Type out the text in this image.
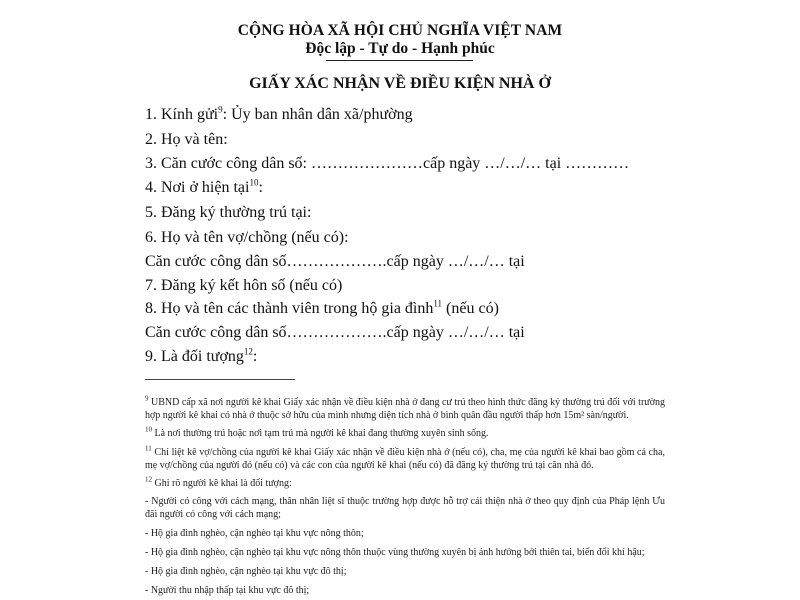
CỘNG HÒA XÃ HỘI CHỦ NGHĨA VIỆT NAM
Độc lập - Tự do - Hạnh phúc
GIẤY XÁC NHẬN VỀ ĐIỀU KIỆN NHÀ Ở
1. Kính gửi$^9$: Ủy ban nhân dân xã/phường
2. Họ và tên:
3. Căn cước công dân số: …………………cấp ngày …/…/… tại …………
4. Nơi ở hiện tại$^{10}$:
5. Đăng ký thường trú tại:
6. Họ và tên vợ/chồng (nếu có):
Căn cước công dân số……………….cấp ngày …/…/… tại
7. Đăng ký kết hôn số (nếu có)
8. Họ và tên các thành viên trong hộ gia đình$^{11}$ (nếu có)
Căn cước công dân số……………….cấp ngày …/…/… tại
9. Là đối tượng$^{12}$:
$^9$ UBND cấp xã nơi người kê khai Giấy xác nhận về điều kiện nhà ở đang cư trú theo hình thức đăng ký thường trú đối với trường hợp người kê khai có nhà ở thuộc sở hữu của mình nhưng diện tích nhà ở bình quân đầu người thấp hơn 15m² sàn/người.
$^{10}$ Là nơi thường trú hoặc nơi tạm trú mà người kê khai đang thường xuyên sinh sống.
$^{11}$ Chỉ liệt kê vợ/chồng của người kê khai Giấy xác nhận về điều kiện nhà ở (nếu có), cha, mẹ của người kê khai bao gồm cả cha, mẹ vợ/chồng của người đó (nếu có) và các con của người kê khai (nếu có) đã đăng ký thường trú tại căn nhà đó.
$^{12}$ Ghi rõ người kê khai là đối tượng:
- Người có công với cách mạng, thân nhân liệt sĩ thuộc trường hợp được hỗ trợ cải thiện nhà ở theo quy định của Pháp lệnh Ưu đãi người có công với cách mạng;
- Hộ gia đình nghèo, cận nghèo tại khu vực nông thôn;
- Hộ gia đình nghèo, cận nghèo tại khu vực nông thôn thuộc vùng thường xuyên bị ảnh hưởng bởi thiên tai, biến đổi khí hậu;
- Hộ gia đình nghèo, cận nghèo tại khu vực đô thị;
- Người thu nhập thấp tại khu vực đô thị;
